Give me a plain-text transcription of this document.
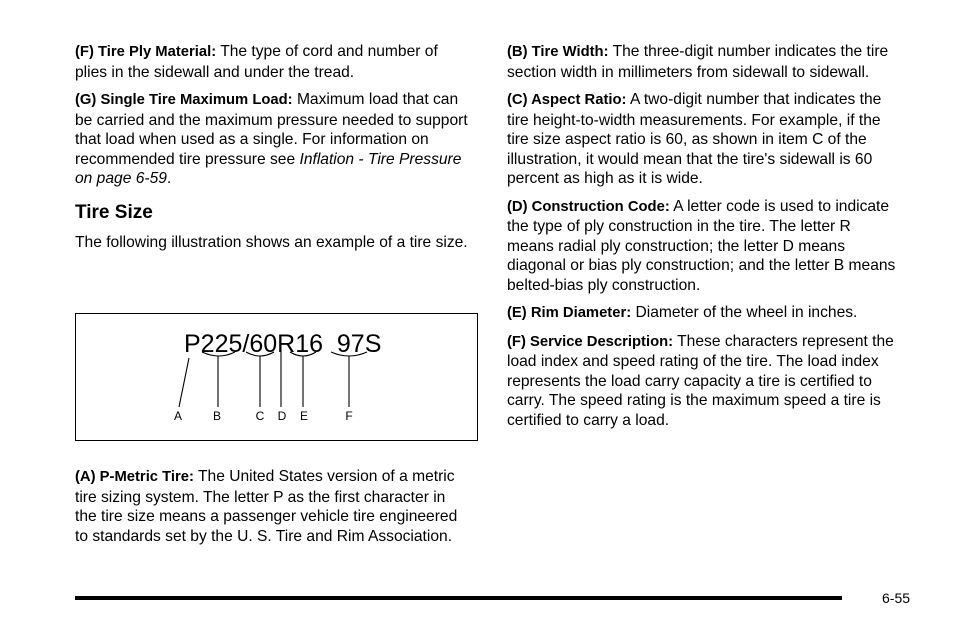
(F) Tire Ply Material: The type of cord and number of plies in the sidewall and under the tread.

(G) Single Tire Maximum Load: Maximum load that can be carried and the maximum pressure needed to support that load when used as a single. For information on recommended tire pressure see Inflation - Tire Pressure on page 6-59.

Tire Size

The following illustration shows an example of a tire size.

P225/60R16  97S
A	B	C D E	F

(A) P-Metric Tire: The United States version of a metric tire sizing system. The letter P as the first character in the tire size means a passenger vehicle tire engineered to standards set by the U. S. Tire and Rim Association.

(B) Tire Width: The three-digit number indicates the tire section width in millimeters from sidewall to sidewall.

(C) Aspect Ratio: A two-digit number that indicates the tire height-to-width measurements. For example, if the tire size aspect ratio is 60, as shown in item C of the illustration, it would mean that the tire's sidewall is 60 percent as high as it is wide.

(D) Construction Code: A letter code is used to indicate the type of ply construction in the tire. The letter R means radial ply construction; the letter D means diagonal or bias ply construction; and the letter B means belted-bias ply construction.

(E) Rim Diameter: Diameter of the wheel in inches.

(F) Service Description: These characters represent the load index and speed rating of the tire. The load index represents the load carry capacity a tire is certified to carry. The speed rating is the maximum speed a tire is certified to carry a load.

6-55
